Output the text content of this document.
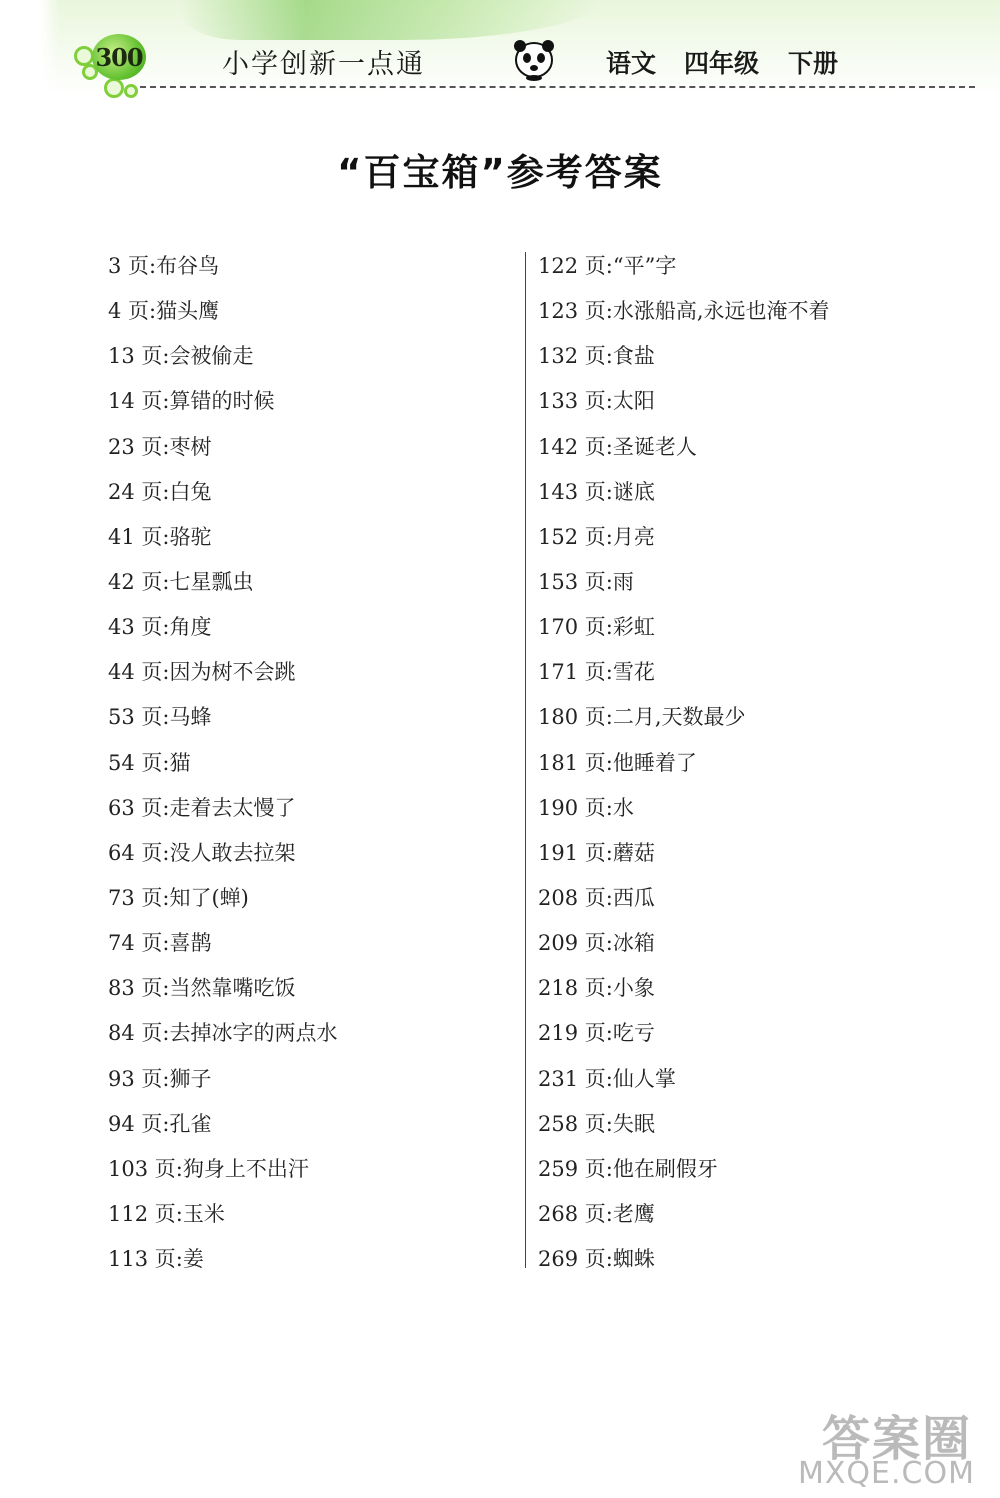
300	小学创新一点通	语文 四年级 下册
“百宝箱”参考答案
3 页:布谷鸟
4 页:猫头鹰
13 页:会被偷走
14 页:算错的时候
23 页:枣树
24 页:白兔
41 页:骆驼
42 页:七星瓢虫
43 页:角度
44 页:因为树不会跳
53 页:马蜂
54 页:猫
63 页:走着去太慢了
64 页:没人敢去拉架
73 页:知了(蝉)
74 页:喜鹊
83 页:当然靠嘴吃饭
84 页:去掉冰字的两点水
93 页:狮子
94 页:孔雀
103 页:狗身上不出汗
112 页:玉米
113 页:姜
122 页:“平”字
123 页:水涨船高,永远也淹不着
132 页:食盐
133 页:太阳
142 页:圣诞老人
143 页:谜底
152 页:月亮
153 页:雨
170 页:彩虹
171 页:雪花
180 页:二月,天数最少
181 页:他睡着了
190 页:水
191 页:蘑菇
208 页:西瓜
209 页:冰箱
218 页:小象
219 页:吃亏
231 页:仙人掌
258 页:失眠
259 页:他在刷假牙
268 页:老鹰
269 页:蜘蛛
答案圈
MXQE.COM
